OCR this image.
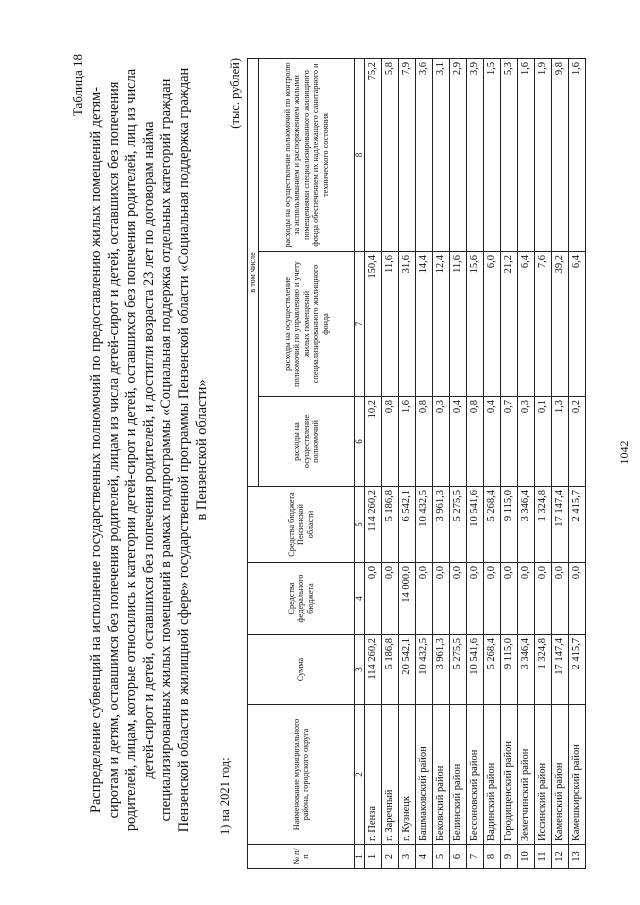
1042
Таблица 18
Распределение субвенций на исполнение государственных полномочий по предоставлению жилых помещений детям-сиротам и детям, оставшимся без попечения родителей, лицам из числа детей-сирот и детей, оставшихся без попечения родителей, лицам, которые относились к категории детей-сирот и детей, оставшихся без попечения родителей, лиц из числа детей-сирот и детей, оставшихся без попечения родителей, и достигли возраста 23 лет по договорам найма специализированных жилых помещений в рамках подпрограммы «Социальная поддержка отдельных категорий граждан Пензенской области в жилищной сфере» государственной программы Пензенской области «Социальная поддержка граждан в Пензенской области»
1) на 2021 год:
(тыс. рублей)
№ п/п	Наименование муниципального района, городского округа	Сумма	Средства федерального бюджета	Средства бюджета Пензенской области	в том числе		
					расходы на осуществление полномочий	расходы на осуществление полномочий по управлению и учету жилых помещений специализированного жилищного фонда	расходы на осуществление полномочий по контролю за использованием и распоряжением жилыми помещениями специализированного жилищного фонда обеспечением их надлежащего санитарного и технического состояния
1	2	3	4	5	6	7	8
1	г. Пенза	114 260,2	0,0	114 260,2	10,2	150,4	75,2
2	г. Заречный	5 186,8	0,0	5 186,8	0,8	11,6	5,8
3	г. Кузнецк	20 542,1	14 000,0	6 542,1	1,6	31,6	7,9
4	Башмаковский район	10 432,5	0,0	10 432,5	0,8	14,4	3,6
5	Бековский район	3 961,3	0,0	3 961,3	0,3	12,4	3,1
6	Белинский район	5 275,5	0,0	5 275,5	0,4	11,6	2,9
7	Бессоновский район	10 541,6	0,0	10 541,6	0,8	15,6	3,9
8	Вадинский район	5 268,4	0,0	5 268,4	0,4	6,0	1,5
9	Городищенский район	9 115,0	0,0	9 115,0	0,7	21,2	5,3
10	Земетчинский район	3 346,4	0,0	3 346,4	0,3	6,4	1,6
11	Иссинский район	1 324,8	0,0	1 324,8	0,1	7,6	1,9
12	Каменский район	17 147,4	0,0	17 147,4	1,3	39,2	9,8
13	Камешкирский район	2 415,7	0,0	2 415,7	0,2	6,4	1,6
